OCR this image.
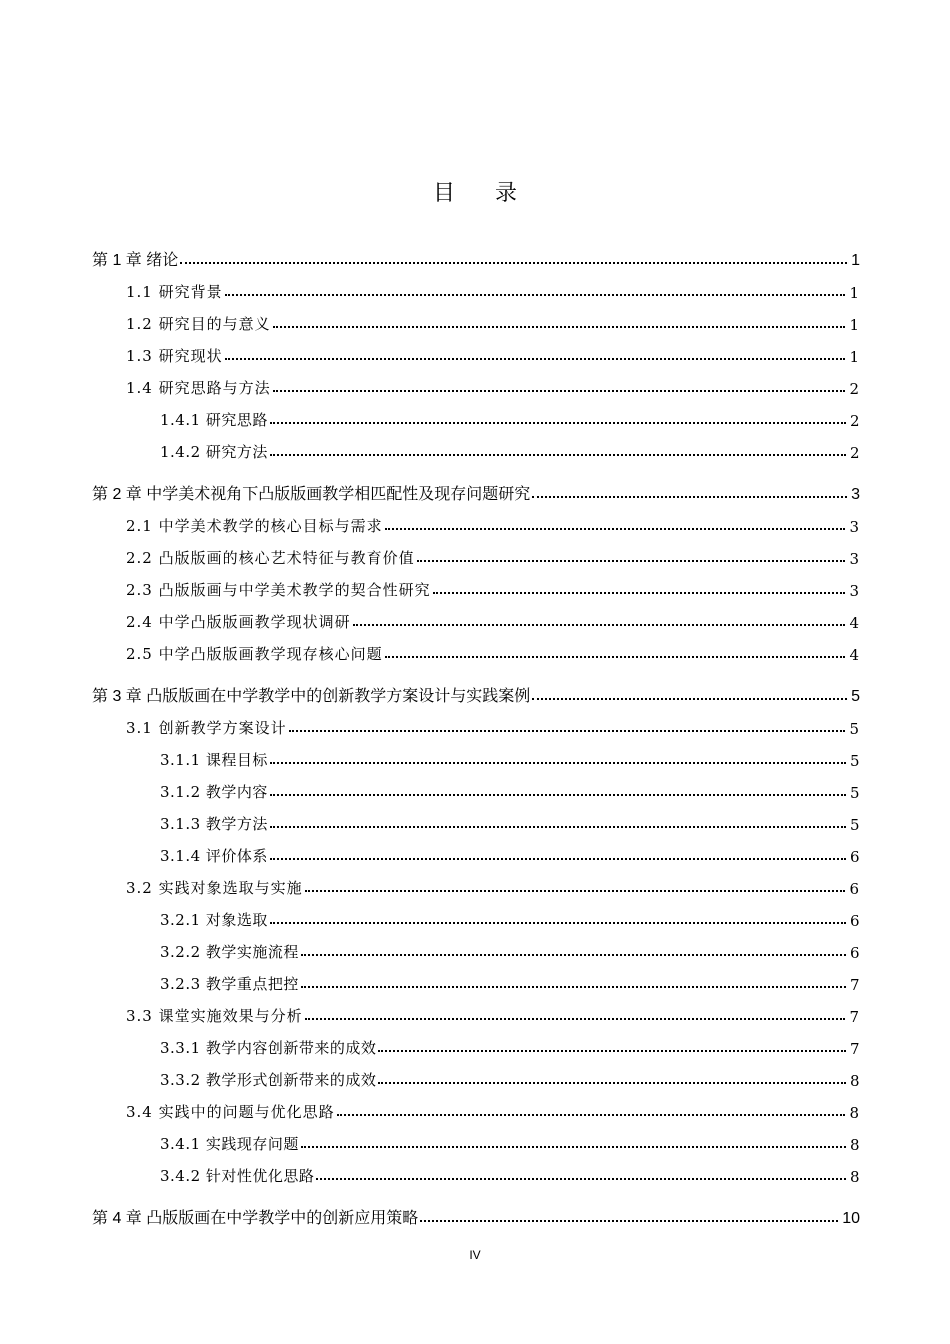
目录
第 1 章 绪论	1
1.1 研究背景	1
1.2 研究目的与意义	1
1.3 研究现状	1
1.4 研究思路与方法	2
1.4.1 研究思路	2
1.4.2 研究方法	2
第 2 章 中学美术视角下凸版版画教学相匹配性及现存问题研究	3
2.1 中学美术教学的核心目标与需求	3
2.2 凸版版画的核心艺术特征与教育价值	3
2.3 凸版版画与中学美术教学的契合性研究	3
2.4 中学凸版版画教学现状调研	4
2.5 中学凸版版画教学现存核心问题	4
第 3 章 凸版版画在中学教学中的创新教学方案设计与实践案例	5
3.1 创新教学方案设计	5
3.1.1 课程目标	5
3.1.2 教学内容	5
3.1.3 教学方法	5
3.1.4 评价体系	6
3.2 实践对象选取与实施	6
3.2.1 对象选取	6
3.2.2 教学实施流程	6
3.2.3 教学重点把控	7
3.3 课堂实施效果与分析	7
3.3.1 教学内容创新带来的成效	7
3.3.2 教学形式创新带来的成效	8
3.4 实践中的问题与优化思路	8
3.4.1 实践现存问题	8
3.4.2 针对性优化思路	8
第 4 章 凸版版画在中学教学中的创新应用策略	10
IV
